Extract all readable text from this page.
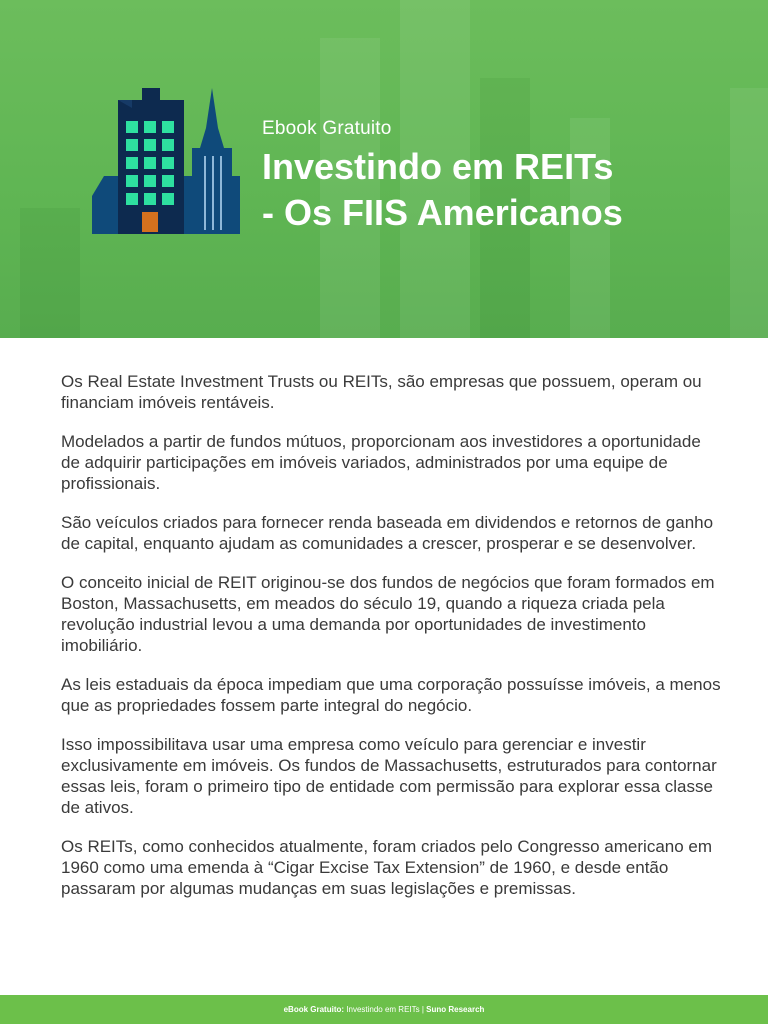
Ebook Gratuito
Investindo em REITs
- Os FIIS Americanos

Os Real Estate Investment Trusts ou REITs, são empresas que possuem, operam ou financiam imóveis rentáveis.

Modelados a partir de fundos mútuos, proporcionam aos investidores a oportunidade de adquirir participações em imóveis variados, administrados por uma equipe de profissionais.

São veículos criados para fornecer renda baseada em dividendos e retornos de ganho de capital, enquanto ajudam as comunidades a crescer, prosperar e se desenvolver.

O conceito inicial de REIT originou-se dos fundos de negócios que foram formados em Boston, Massachusetts, em meados do século 19, quando a riqueza criada pela revolução industrial levou a uma demanda por oportunidades de investimento imobiliário.

As leis estaduais da época impediam que uma corporação possuísse imóveis, a menos que as propriedades fossem parte integral do negócio.

Isso impossibilitava usar uma empresa como veículo para gerenciar e investir exclusivamente em imóveis. Os fundos de Massachusetts, estruturados para contornar essas leis, foram o primeiro tipo de entidade com permissão para explorar essa classe de ativos.

Os REITs, como conhecidos atualmente, foram criados pelo Congresso americano em 1960 como uma emenda à “Cigar Excise Tax Extension” de 1960, e desde então passaram por algumas mudanças em suas legislações e premissas.

eBook Gratuito: Investindo em REITs | Suno Research
